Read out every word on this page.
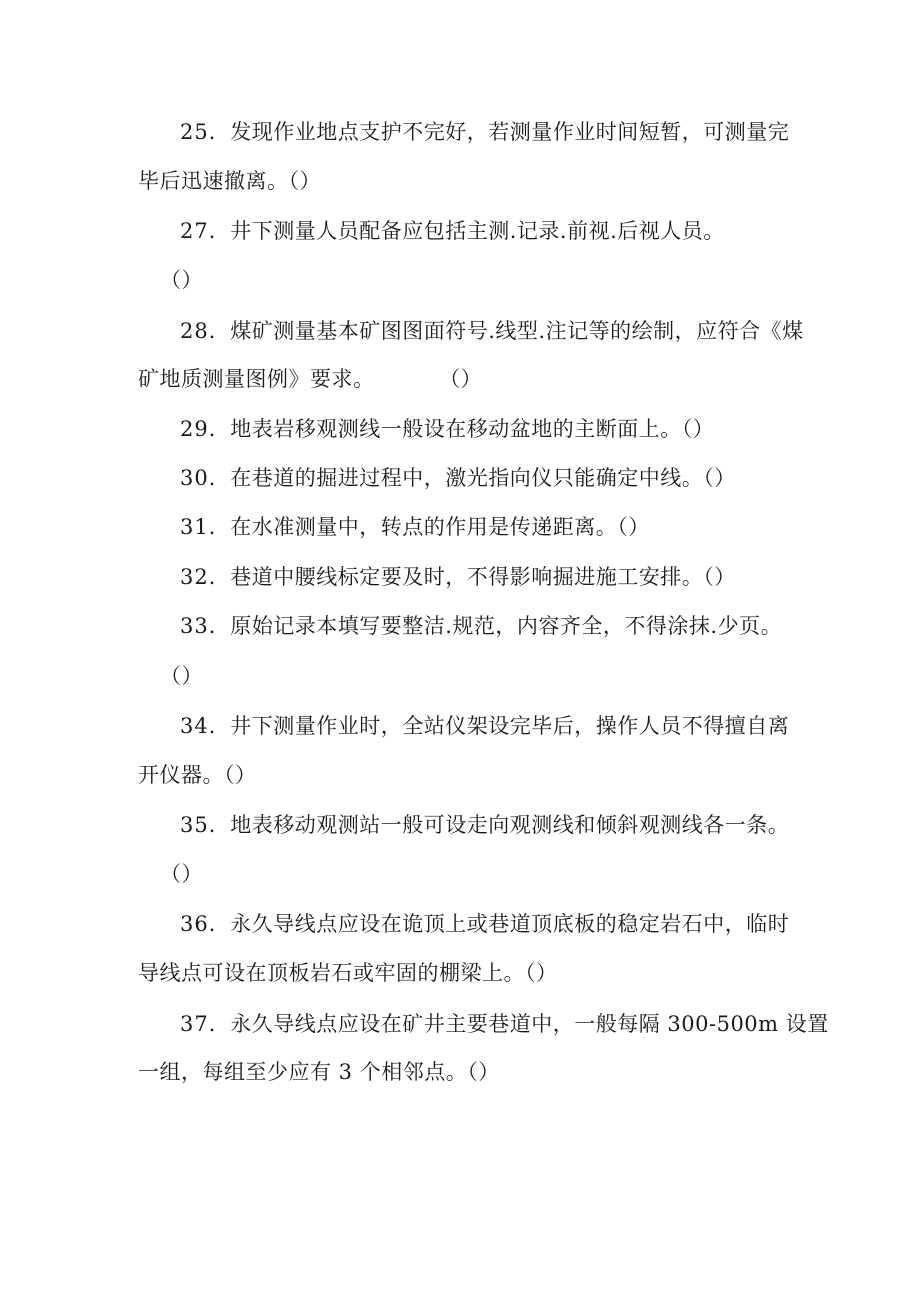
25．发现作业地点支护不完好，若测量作业时间短暂，可测量完
毕后迅速撤离。（）
27．井下测量人员配备应包括主测.记录.前视.后视人员。
（）
28．煤矿测量基本矿图图面符号.线型.注记等的绘制，应符合《煤
矿地质测量图例》要求。         （）
29．地表岩移观测线一般设在移动盆地的主断面上。（）
30．在巷道的掘进过程中，激光指向仪只能确定中线。（）
31．在水准测量中，转点的作用是传递距离。（）
32．巷道中腰线标定要及时，不得影响掘进施工安排。（）
33．原始记录本填写要整洁.规范，内容齐全，不得涂抹.少页。
（）
34．井下测量作业时，全站仪架设完毕后，操作人员不得擅自离
开仪器。（）
35．地表移动观测站一般可设走向观测线和倾斜观测线各一条。
（）
36．永久导线点应设在诡顶上或巷道顶底板的稳定岩石中，临时
导线点可设在顶板岩石或牢固的棚梁上。（）
37．永久导线点应设在矿井主要巷道中，一般每隔 300-500m 设置
一组，每组至少应有 3 个相邻点。（）
